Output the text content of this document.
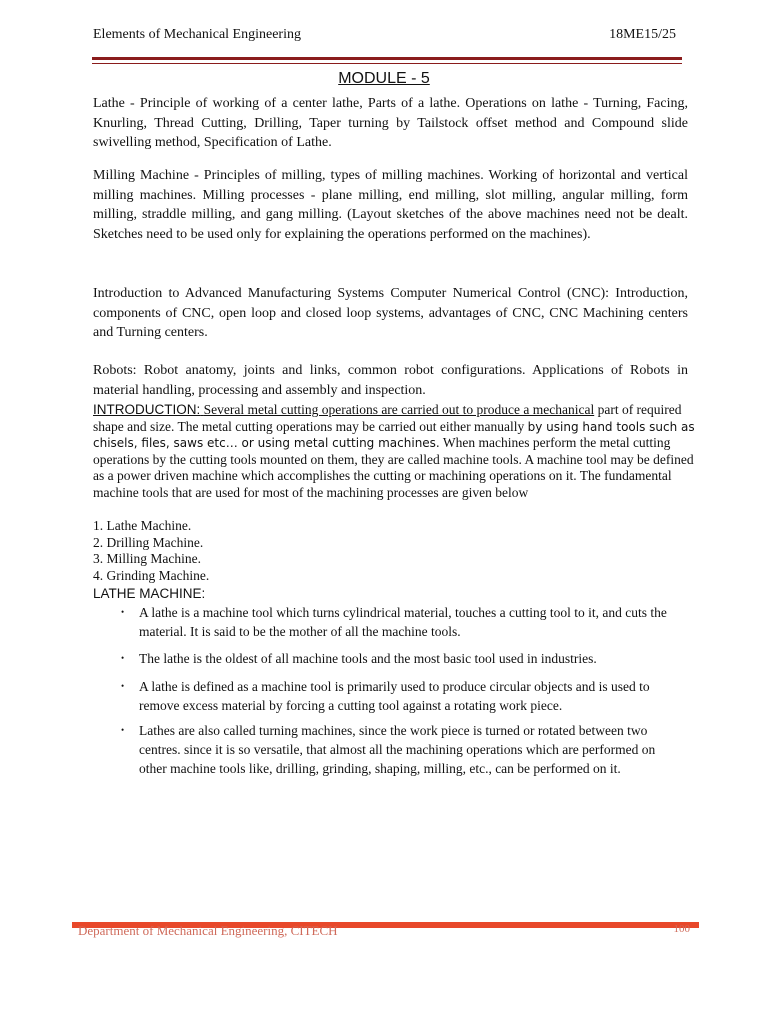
Elements of Mechanical Engineering	18ME15/25
MODULE - 5

Lathe - Principle of working of a center lathe, Parts of a lathe. Operations on lathe - Turning, Facing, Knurling, Thread Cutting, Drilling, Taper turning by Tailstock offset method and Compound slide swivelling method, Specification of Lathe.

Milling Machine - Principles of milling, types of milling machines. Working of horizontal and vertical milling machines. Milling processes - plane milling, end milling, slot milling, angular milling, form milling, straddle milling, and gang milling. (Layout sketches of the above machines need not be dealt. Sketches need to be used only for explaining the operations performed on the machines).

Introduction to Advanced Manufacturing Systems Computer Numerical Control (CNC): Introduction, components of CNC, open loop and closed loop systems, advantages of CNC, CNC Machining centers and Turning centers.

Robots: Robot anatomy, joints and links, common robot configurations. Applications of Robots in material handling, processing and assembly and inspection.

INTRODUCTION: Several metal cutting operations are carried out to produce a mechanical part of required shape and size. The metal cutting operations may be carried out either manually by using hand tools such as chisels, files, saws etc… or using metal cutting machines. When machines perform the metal cutting operations by the cutting tools mounted on them, they are called machine tools. A machine tool may be defined as a power driven machine which accomplishes the cutting or machining operations on it. The fundamental machine tools that are used for most of the machining processes are given below

1. Lathe Machine.
2. Drilling Machine.
3. Milling Machine.
4. Grinding Machine.
LATHE MACHINE:

•	A lathe is a machine tool which turns cylindrical material, touches a cutting tool to it, and cuts the material. It is said to be the mother of all the machine tools.

•	The lathe is the oldest of all machine tools and the most basic tool used in industries.

•	A lathe is defined as a machine tool is primarily used to produce circular objects and is used to remove excess material by forcing a cutting tool against a rotating work piece.

•	Lathes are also called turning machines, since the work piece is turned or rotated between two centres. since it is so versatile, that almost all the machining operations which are performed on other machine tools like, drilling, grinding, shaping, milling, etc., can be performed on it.

Department of Mechanical Engineering, CITECH	100
